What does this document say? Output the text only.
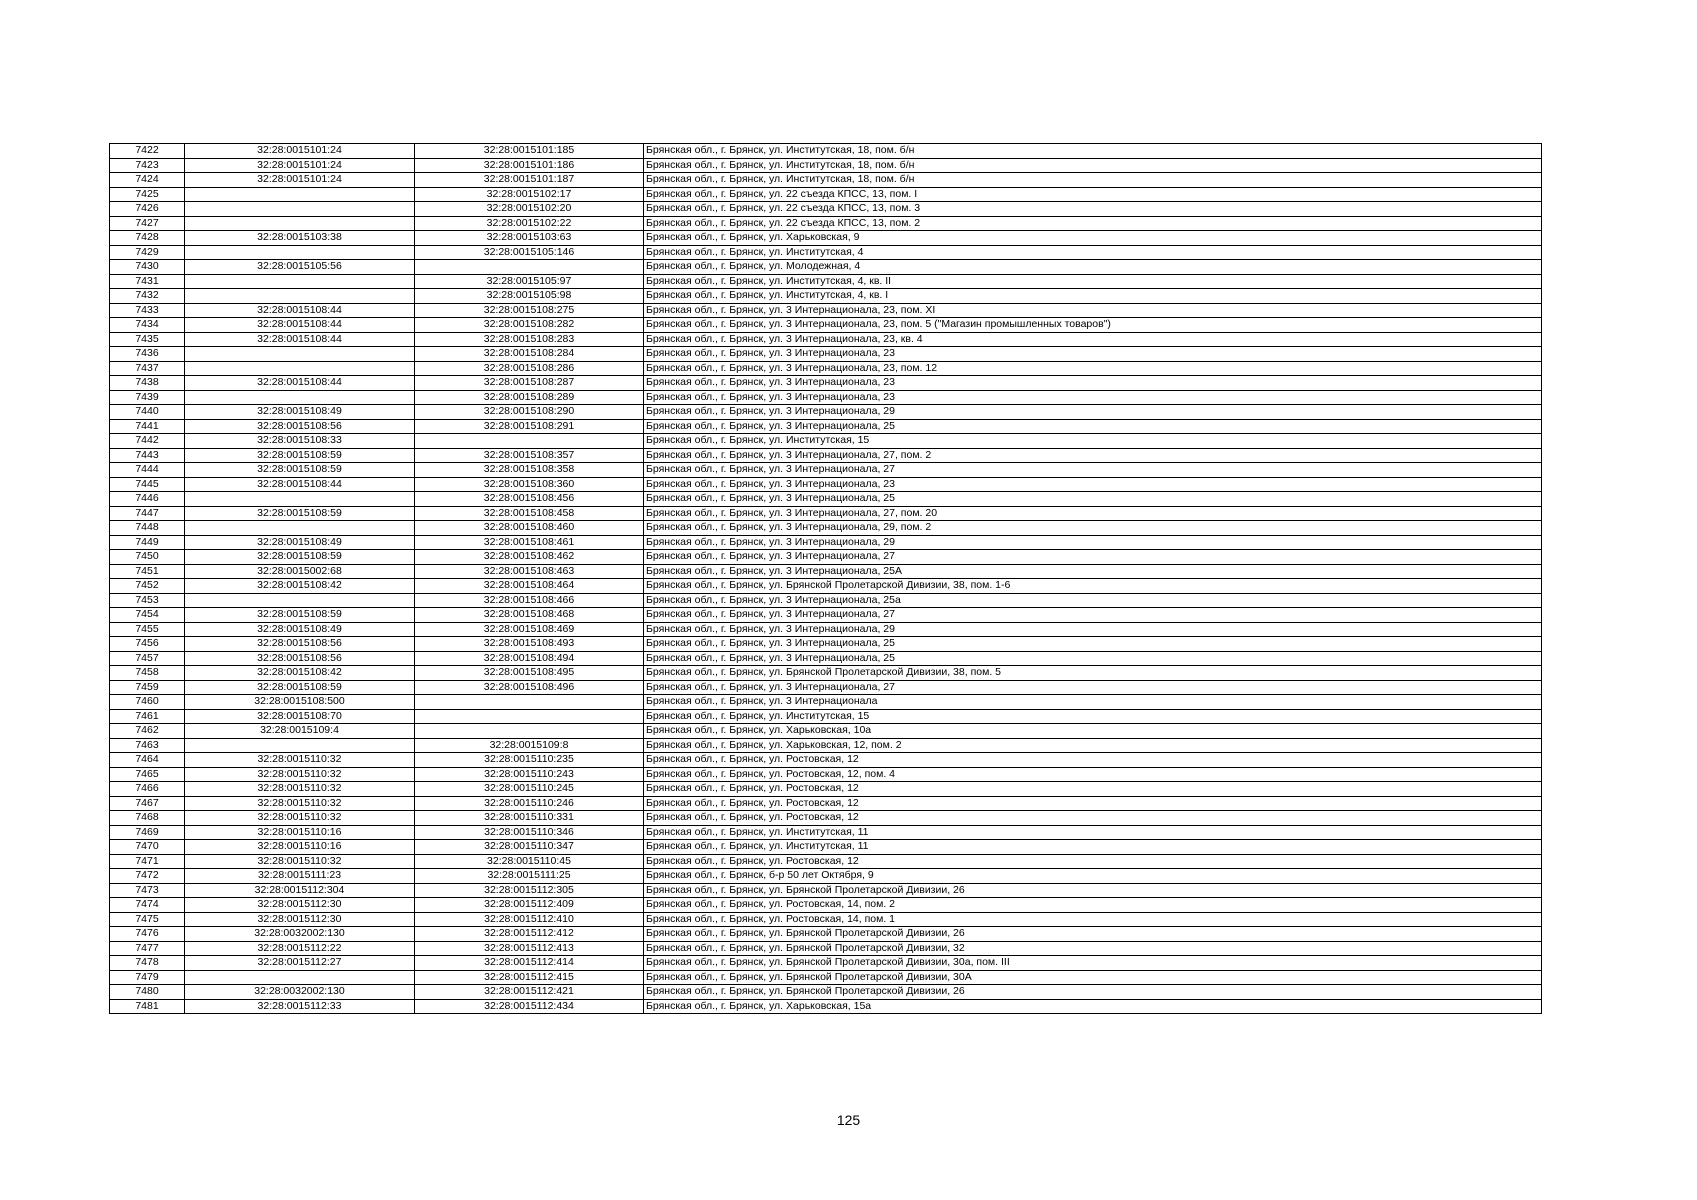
7422	32:28:0015101:24	32:28:0015101:185	Брянская обл., г. Брянск, ул. Институтская, 18, пом. б/н
7423	32:28:0015101:24	32:28:0015101:186	Брянская обл., г. Брянск, ул. Институтская, 18, пом. б/н
7424	32:28:0015101:24	32:28:0015101:187	Брянская обл., г. Брянск, ул. Институтская, 18, пом. б/н
7425		32:28:0015102:17	Брянская обл., г. Брянск, ул. 22 съезда КПСС, 13, пом. I
7426		32:28:0015102:20	Брянская обл., г. Брянск, ул. 22 съезда КПСС, 13, пом. 3
7427		32:28:0015102:22	Брянская обл., г. Брянск, ул. 22 съезда КПСС, 13, пом. 2
7428	32:28:0015103:38	32:28:0015103:63	Брянская обл., г. Брянск, ул. Харьковская, 9
7429		32:28:0015105:146	Брянская обл., г. Брянск, ул. Институтская, 4
7430	32:28:0015105:56		Брянская обл., г. Брянск, ул. Молодежная, 4
7431		32:28:0015105:97	Брянская обл., г. Брянск, ул. Институтская, 4, кв. II
7432		32:28:0015105:98	Брянская обл., г. Брянск, ул. Институтская, 4, кв. I
7433	32:28:0015108:44	32:28:0015108:275	Брянская обл., г. Брянск, ул. 3 Интернационала, 23, пом. XI
7434	32:28:0015108:44	32:28:0015108:282	Брянская обл., г. Брянск, ул. 3 Интернационала, 23, пом. 5 ("Магазин промышленных товаров")
7435	32:28:0015108:44	32:28:0015108:283	Брянская обл., г. Брянск, ул. 3 Интернационала, 23, кв. 4
7436		32:28:0015108:284	Брянская обл., г. Брянск, ул. 3 Интернационала, 23
7437		32:28:0015108:286	Брянская обл., г. Брянск, ул. 3 Интернационала, 23, пом. 12
7438	32:28:0015108:44	32:28:0015108:287	Брянская обл., г. Брянск, ул. 3 Интернационала, 23
7439		32:28:0015108:289	Брянская обл., г. Брянск, ул. 3 Интернационала, 23
7440	32:28:0015108:49	32:28:0015108:290	Брянская обл., г. Брянск, ул. 3 Интернационала, 29
7441	32:28:0015108:56	32:28:0015108:291	Брянская обл., г. Брянск, ул. 3 Интернационала, 25
7442	32:28:0015108:33		Брянская обл., г. Брянск, ул. Институтская, 15
7443	32:28:0015108:59	32:28:0015108:357	Брянская обл., г. Брянск, ул. 3 Интернационала, 27, пом. 2
7444	32:28:0015108:59	32:28:0015108:358	Брянская обл., г. Брянск, ул. 3 Интернационала, 27
7445	32:28:0015108:44	32:28:0015108:360	Брянская обл., г. Брянск, ул. 3 Интернационала, 23
7446		32:28:0015108:456	Брянская обл., г. Брянск, ул. 3 Интернационала, 25
7447	32:28:0015108:59	32:28:0015108:458	Брянская обл., г. Брянск, ул. 3 Интернационала, 27, пом. 20
7448		32:28:0015108:460	Брянская обл., г. Брянск, ул. 3 Интернационала, 29, пом. 2
7449	32:28:0015108:49	32:28:0015108:461	Брянская обл., г. Брянск, ул. 3 Интернационала, 29
7450	32:28:0015108:59	32:28:0015108:462	Брянская обл., г. Брянск, ул. 3 Интернационала, 27
7451	32:28:0015002:68	32:28:0015108:463	Брянская обл., г. Брянск, ул. 3 Интернационала, 25А
7452	32:28:0015108:42	32:28:0015108:464	Брянская обл., г. Брянск, ул. Брянской Пролетарской Дивизии, 38, пом. 1-6
7453		32:28:0015108:466	Брянская обл., г. Брянск, ул. 3 Интернационала, 25а
7454	32:28:0015108:59	32:28:0015108:468	Брянская обл., г. Брянск, ул. 3 Интернационала, 27
7455	32:28:0015108:49	32:28:0015108:469	Брянская обл., г. Брянск, ул. 3 Интернационала, 29
7456	32:28:0015108:56	32:28:0015108:493	Брянская обл., г. Брянск, ул. 3 Интернационала, 25
7457	32:28:0015108:56	32:28:0015108:494	Брянская обл., г. Брянск, ул. 3 Интернационала, 25
7458	32:28:0015108:42	32:28:0015108:495	Брянская обл., г. Брянск, ул. Брянской Пролетарской Дивизии, 38, пом. 5
7459	32:28:0015108:59	32:28:0015108:496	Брянская обл., г. Брянск, ул. 3 Интернационала, 27
7460	32:28:0015108:500		Брянская обл., г. Брянск, ул. 3 Интернационала
7461	32:28:0015108:70		Брянская обл., г. Брянск, ул. Институтская, 15
7462	32:28:0015109:4		Брянская обл., г. Брянск, ул. Харьковская, 10а
7463		32:28:0015109:8	Брянская обл., г. Брянск, ул. Харьковская, 12, пом. 2
7464	32:28:0015110:32	32:28:0015110:235	Брянская обл., г. Брянск, ул. Ростовская, 12
7465	32:28:0015110:32	32:28:0015110:243	Брянская обл., г. Брянск, ул. Ростовская, 12, пом. 4
7466	32:28:0015110:32	32:28:0015110:245	Брянская обл., г. Брянск, ул. Ростовская, 12
7467	32:28:0015110:32	32:28:0015110:246	Брянская обл., г. Брянск, ул. Ростовская, 12
7468	32:28:0015110:32	32:28:0015110:331	Брянская обл., г. Брянск, ул. Ростовская, 12
7469	32:28:0015110:16	32:28:0015110:346	Брянская обл., г. Брянск, ул. Институтская, 11
7470	32:28:0015110:16	32:28:0015110:347	Брянская обл., г. Брянск, ул. Институтская, 11
7471	32:28:0015110:32	32:28:0015110:45	Брянская обл., г. Брянск, ул. Ростовская, 12
7472	32:28:0015111:23	32:28:0015111:25	Брянская обл., г. Брянск, б-р 50 лет Октября, 9
7473	32:28:0015112:304	32:28:0015112:305	Брянская обл., г. Брянск, ул. Брянской Пролетарской Дивизии, 26
7474	32:28:0015112:30	32:28:0015112:409	Брянская обл., г. Брянск, ул. Ростовская, 14, пом. 2
7475	32:28:0015112:30	32:28:0015112:410	Брянская обл., г. Брянск, ул. Ростовская, 14, пом. 1
7476	32:28:0032002:130	32:28:0015112:412	Брянская обл., г. Брянск, ул. Брянской Пролетарской Дивизии, 26
7477	32:28:0015112:22	32:28:0015112:413	Брянская обл., г. Брянск, ул. Брянской Пролетарской Дивизии, 32
7478	32:28:0015112:27	32:28:0015112:414	Брянская обл., г. Брянск, ул. Брянской Пролетарской Дивизии, 30а, пом. III
7479		32:28:0015112:415	Брянская обл., г. Брянск, ул. Брянской Пролетарской Дивизии, 30А
7480	32:28:0032002:130	32:28:0015112:421	Брянская обл., г. Брянск, ул. Брянской Пролетарской Дивизии, 26
7481	32:28:0015112:33	32:28:0015112:434	Брянская обл., г. Брянск, ул. Харьковская, 15а
125
